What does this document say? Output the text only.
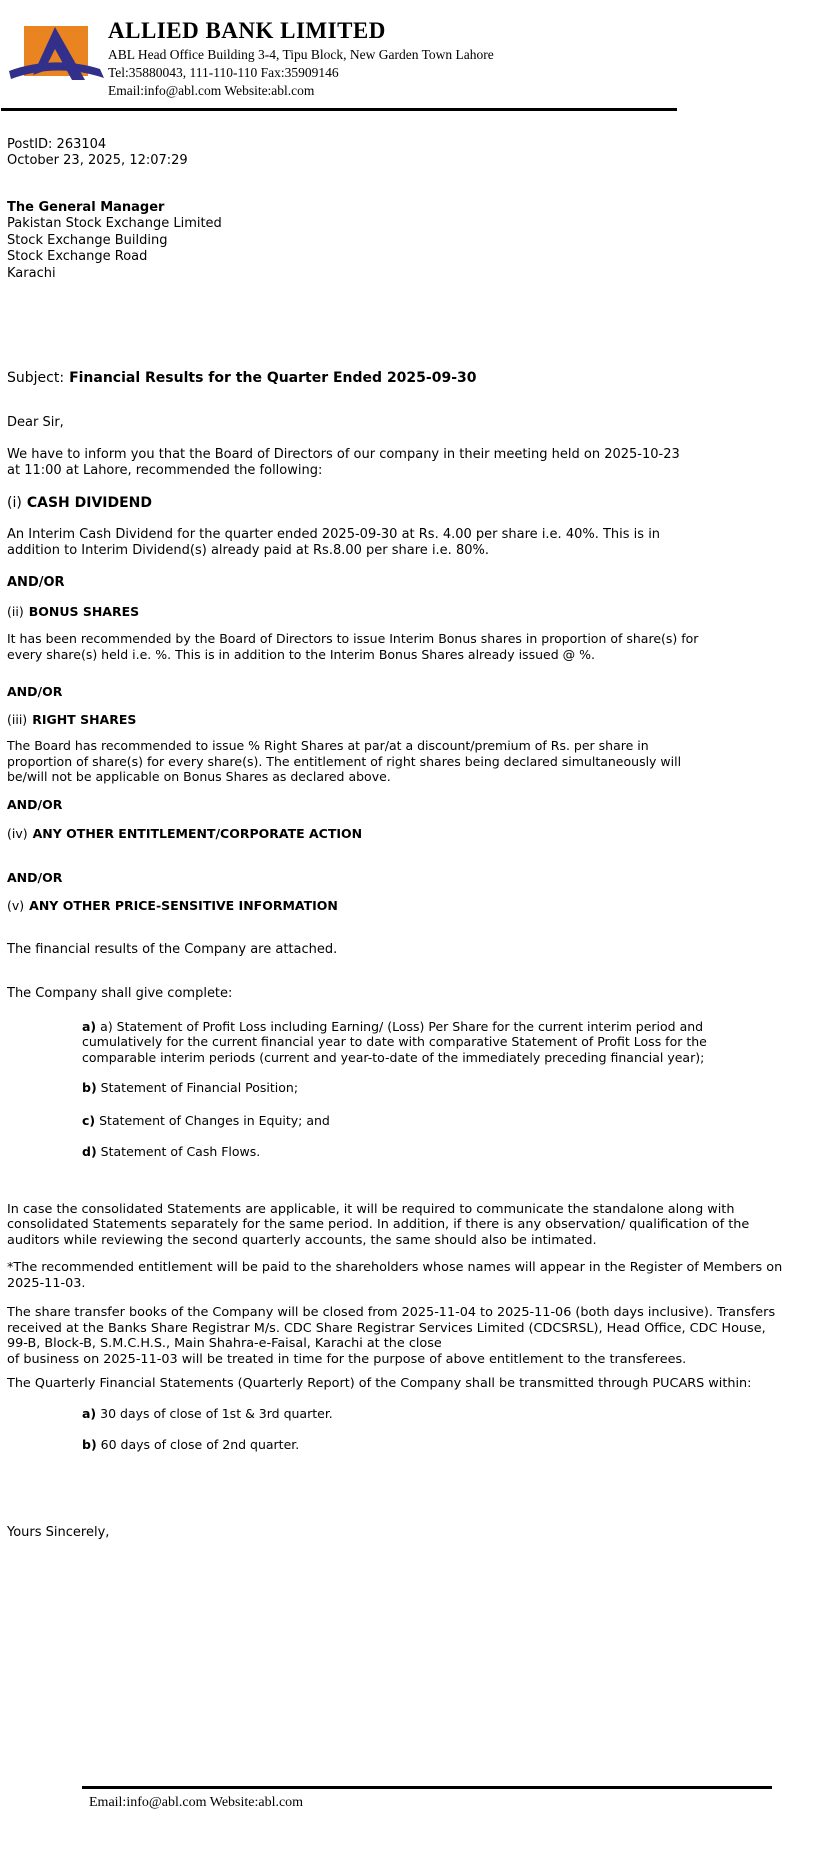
ALLIED BANK LIMITED

ABL Head Office Building 3-4, Tipu Block, New Garden Town Lahore

Tel:35880043, 111-110-110 Fax:35909146

Email:info@abl.com Website:abl.com

PostID: 263104

October 23, 2025, 12:07:29

The General Manager

Pakistan Stock Exchange Limited

Stock Exchange Building

Stock Exchange Road

Karachi

Subject: Financial Results for the Quarter Ended 2025-09-30

Dear Sir,

We have to inform you that the Board of Directors of our company in their meeting held on 2025-10-23 at 11:00 at Lahore, recommended the following:

(i) CASH DIVIDEND

An Interim Cash Dividend for the quarter ended 2025-09-30 at Rs. 4.00 per share i.e. 40%. This is in addition to Interim Dividend(s) already paid at Rs.8.00 per share i.e. 80%.

AND/OR

(ii) BONUS SHARES

It has been recommended by the Board of Directors to issue Interim Bonus shares in proportion of share(s) for every share(s) held i.e. %. This is in addition to the Interim Bonus Shares already issued @ %.

AND/OR

(iii) RIGHT SHARES

The Board has recommended to issue % Right Shares at par/at a discount/premium of Rs. per share in proportion of share(s) for every share(s). The entitlement of right shares being declared simultaneously will be/will not be applicable on Bonus Shares as declared above.

AND/OR

(iv) ANY OTHER ENTITLEMENT/CORPORATE ACTION

AND/OR

(v) ANY OTHER PRICE-SENSITIVE INFORMATION

The financial results of the Company are attached.

The Company shall give complete:

a) a) Statement of Profit Loss including Earning/ (Loss) Per Share for the current interim period and cumulatively for the current financial year to date with comparative Statement of Profit Loss for the comparable interim periods (current and year-to-date of the immediately preceding financial year);

b) Statement of Financial Position;

c) Statement of Changes in Equity; and

d) Statement of Cash Flows.

In case the consolidated Statements are applicable, it will be required to communicate the standalone along with consolidated Statements separately for the same period. In addition, if there is any observation/ qualification of the auditors while reviewing the second quarterly accounts, the same should also be intimated.

*The recommended entitlement will be paid to the shareholders whose names will appear in the Register of Members on 2025-11-03.

The share transfer books of the Company will be closed from 2025-11-04 to 2025-11-06 (both days inclusive). Transfers received at the Banks Share Registrar M/s. CDC Share Registrar Services Limited (CDCSRSL), Head Office, CDC House, 99-B, Block-B, S.M.C.H.S., Main Shahra-e-Faisal, Karachi at the close
of business on 2025-11-03 will be treated in time for the purpose of above entitlement to the transferees.

The Quarterly Financial Statements (Quarterly Report) of the Company shall be transmitted through PUCARS within:

a) 30 days of close of 1st & 3rd quarter.

b) 60 days of close of 2nd quarter.

Yours Sincerely,

Email:info@abl.com Website:abl.com
